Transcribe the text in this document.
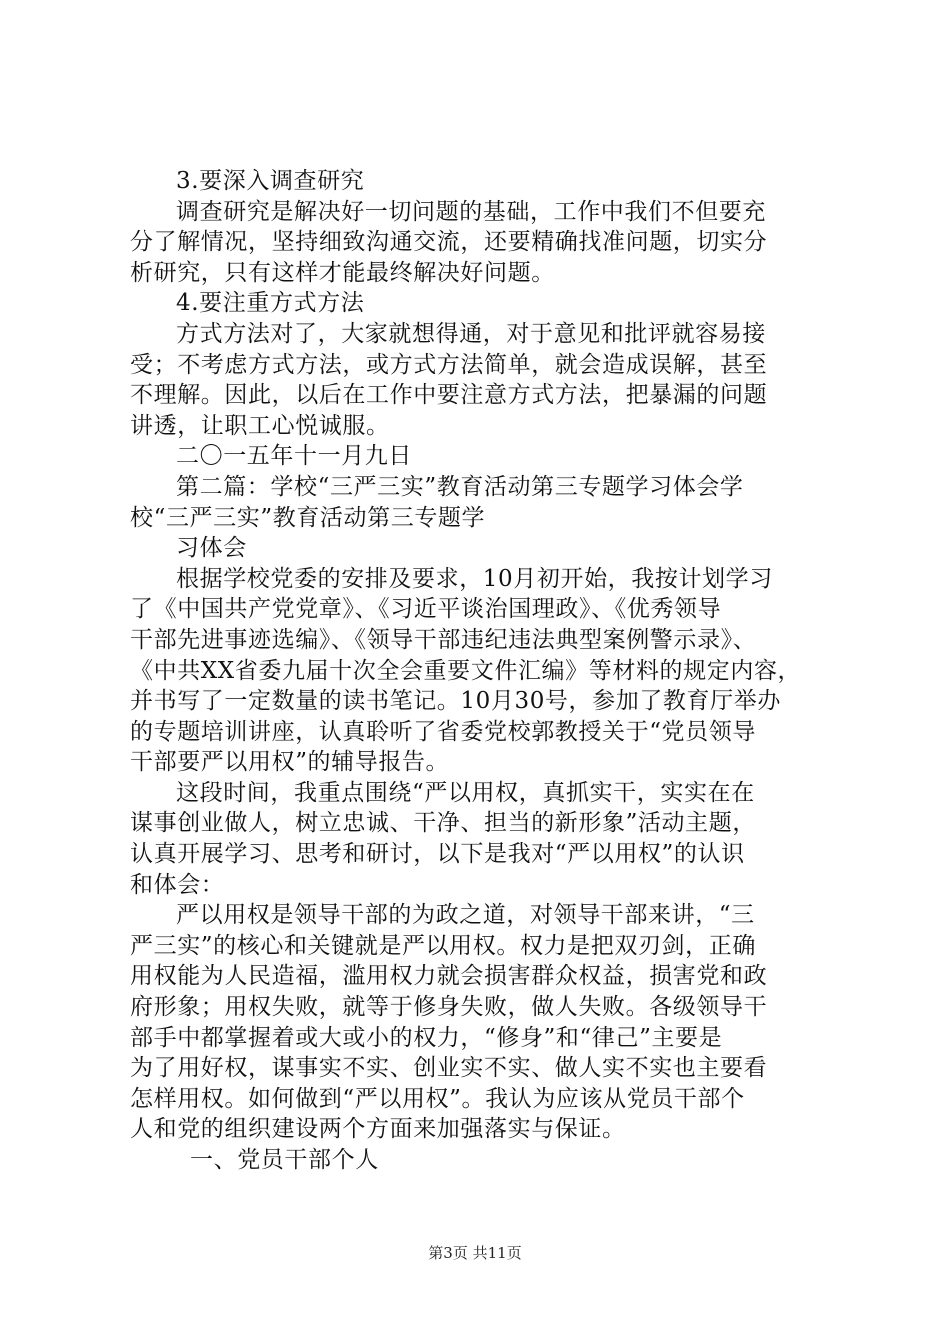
3.要深入调查研究
调查研究是解决好一切问题的基础，工作中我们不但要充
分了解情况，坚持细致沟通交流，还要精确找准问题，切实分
析研究，只有这样才能最终解决好问题。
4.要注重方式方法
方式方法对了，大家就想得通，对于意见和批评就容易接
受；不考虑方式方法，或方式方法简单，就会造成误解，甚至
不理解。因此，以后在工作中要注意方式方法，把暴漏的问题
讲透，让职工心悦诚服。
二〇一五年十一月九日
第二篇：学校“三严三实”教育活动第三专题学习体会学
校“三严三实”教育活动第三专题学
习体会
根据学校党委的安排及要求，10月初开始，我按计划学习
了《中国共产党党章》、《习近平谈治国理政》、《优秀领导
干部先进事迹选编》、《领导干部违纪违法典型案例警示录》、
《中共XX省委九届十次全会重要文件汇编》等材料的规定内容，
并书写了一定数量的读书笔记。10月30号，参加了教育厅举办
的专题培训讲座，认真聆听了省委党校郭教授关于“党员领导
干部要严以用权”的辅导报告。
这段时间，我重点围绕“严以用权，真抓实干，实实在在
谋事创业做人，树立忠诚、干净、担当的新形象”活动主题，
认真开展学习、思考和研讨，以下是我对“严以用权”的认识
和体会：
严以用权是领导干部的为政之道，对领导干部来讲，“三
严三实”的核心和关键就是严以用权。权力是把双刃剑，正确
用权能为人民造福，滥用权力就会损害群众权益，损害党和政
府形象；用权失败，就等于修身失败，做人失败。各级领导干
部手中都掌握着或大或小的权力，“修身”和“律己”主要是
为了用好权，谋事实不实、创业实不实、做人实不实也主要看
怎样用权。如何做到“严以用权”。我认为应该从党员干部个
人和党的组织建设两个方面来加强落实与保证。
一、党员干部个人
第3页 共11页
